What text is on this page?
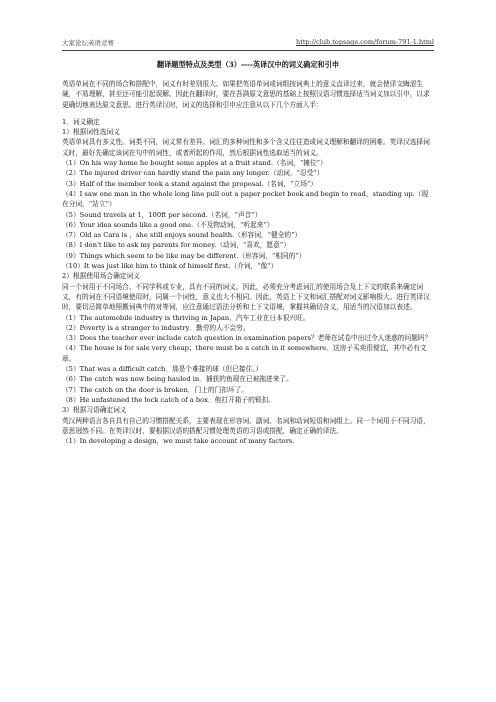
大家论坛英语竞赛	http://club.topsage.com/forum-791-1.html
翻译题型特点及类型（3）----英译汉中的词义确定和引申

英语单词在不同的场合和搭配中，词义有时差别很大。如果把英语单词或词组按词典上的意义直译过来，就会使译文晦涩生硬，不易理解，甚至还可能引起误解。因此在翻译时，要在吾满原文意思的基础上按照汉语习惯选择适当词义加以引申，以求更确切地表达原文意思。进行英译汉时，词义的选择和引申应注意从以下几个方面入手：

1．词义确定

1）根据词性选词义

英语单词具有多义性。词类不同，词义常有差异。词汇的多种词性和多个含义往往造成词义理解和翻译的困难。英译汉选择词义时，最好先确定该词在句中的词性，或者所起的作用，然后根据词性选取适当的词义。

（1）On his way home he bought some apples at a fruit stand.（名词，“摊位”）

（2）The injured driver can hardly stand the pain any longer.（动词，“忍受”）

（3）Half of the member took a stand against the proposal.（名词，“立场”）

（4）I saw one man in the whole long line pull out a paper pocket book and begin to read，standing up.（现在分词，“站立”）

（5）Sound travels at 1，100ft per second.（名词，“声音”）

（6）Your idea sounds like a good one.（不及物动词，“听起来”）

（7）Old as Cara is ，she still enjoys sound health.（形容词，“健全的”）

（8）I don't like to ask my parents for money.（动词，“喜欢，愿意”）

（9）Things which seem to be like may be different.（形容词，“相同的”）

（10）It was just like him to think of himself first.（介词，“像”）

2）根据使用场合确定词义

同一个词用于不同场合、不同学科或专业，具有不同的词义。因此，必须充分考虑词汇的使用场合及上下文的联系来确定词义，有的词在不同语境使用时，同属一个词性，意义也大不相同。因此，英语上下文和词汇搭配对词义影响极大。进行英译汉时，要切忌简单地照搬词典中的对等词，应注意通过语法分析和上下文语境，掌握其确切含义，用适当的汉语加以表述。

（1）The automobile industry is thriving in Japan．汽车工业在日本很兴旺。

（2）Poverty is a stranger to industry．勤劳的人不会穷。

（3）Does the teacher ever include catch question in examination papers？老师在试卷中出过令人迷惑的问题吗？

（4）The house is for sale very cheap；there must be a catch in it somewhere．这房子买卖很便宜，其中必有文章。

（5）That was a difficult catch．那是个难接的球（但已接住。）

（6）The catch was now being hauled in．捕获的鱼现在已被拖进来了。

（7）The catch on the door is broken．门上的门扣坏了。

（8）He unfastened the lock catch of a box．他打开箱子的锁扣。

3）根据习语确定词义

英汉两种语言各自具有自己的习惯搭配关系，主要表现在形容词、副词、名词和动词短语和词组上。同一个词用于不同习语，意思迥然不同。在英译汉时，要根据汉语的搭配习惯处理英语的习语或搭配，确定正确的译法。

（1）In developing a design，we must take account of many factors.
